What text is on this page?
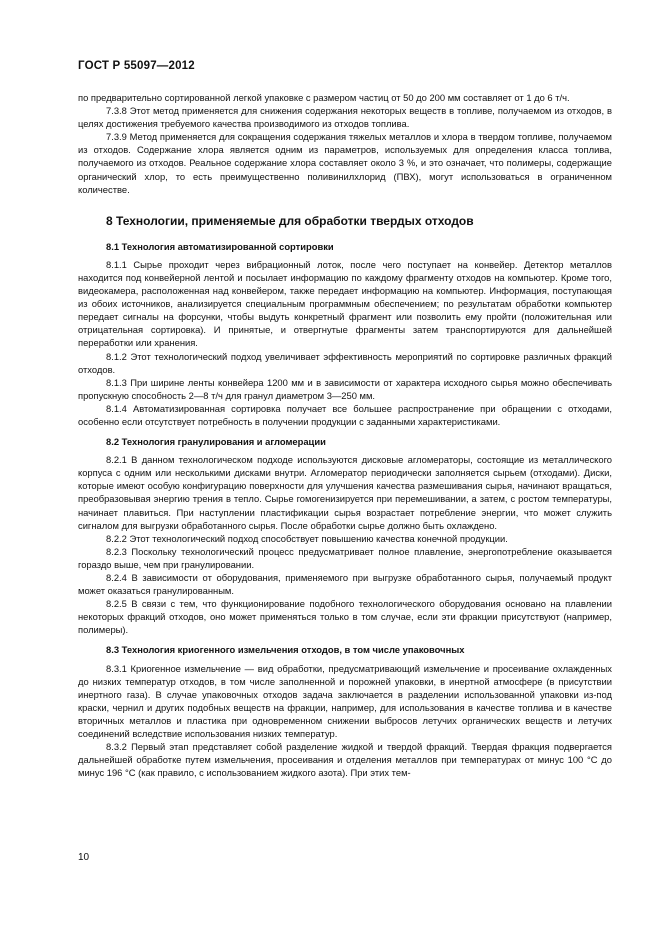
ГОСТ Р 55097—2012

по предварительно сортированной легкой упаковке с размером частиц от 50 до 200 мм составляет от 1 до 6 т/ч.

7.3.8 Этот метод применяется для снижения содержания некоторых веществ в топливе, получаемом из отходов, в целях достижения требуемого качества производимого из отходов топлива.

7.3.9 Метод применяется для сокращения содержания тяжелых металлов и хлора в твердом топливе, получаемом из отходов. Содержание хлора является одним из параметров, используемых для определения класса топлива, получаемого из отходов. Реальное содержание хлора составляет около 3 %, и это означает, что полимеры, содержащие органический хлор, то есть преимущественно поливинилхлорид (ПВХ), могут использоваться в ограниченном количестве.

8 Технологии, применяемые для обработки твердых отходов
8.1 Технология автоматизированной сортировки

8.1.1 Сырье проходит через вибрационный лоток, после чего поступает на конвейер. Детектор металлов находится под конвейерной лентой и посылает информацию по каждому фрагменту отходов на компьютер. Кроме того, видеокамера, расположенная над конвейером, также передает информацию на компьютер. Информация, поступающая из обоих источников, анализируется специальным программным обеспечением; по результатам обработки компьютер передает сигналы на форсунки, чтобы выдуть конкретный фрагмент или позволить ему пройти (положительная или отрицательная сортировка). И принятые, и отвергнутые фрагменты затем транспортируются для дальнейшей переработки или хранения.

8.1.2 Этот технологический подход увеличивает эффективность мероприятий по сортировке различных фракций отходов.

8.1.3 При ширине ленты конвейера 1200 мм и в зависимости от характера исходного сырья можно обеспечивать пропускную способность 2—8 т/ч для гранул диаметром 3—250 мм.

8.1.4 Автоматизированная сортировка получает все большее распространение при обращении с отходами, особенно если отсутствует потребность в получении продукции с заданными характеристиками.

8.2 Технология гранулирования и агломерации

8.2.1 В данном технологическом подходе используются дисковые агломераторы, состоящие из металлического корпуса с одним или несколькими дисками внутри. Агломератор периодически заполняется сырьем (отходами). Диски, которые имеют особую конфигурацию поверхности для улучшения качества размешивания сырья, начинают вращаться, преобразовывая энергию трения в тепло. Сырье гомогенизируется при перемешивании, а затем, с ростом температуры, начинает плавиться. При наступлении пластификации сырья возрастает потребление энергии, что может служить сигналом для выгрузки обработанного сырья. После обработки сырье должно быть охлаждено.

8.2.2 Этот технологический подход способствует повышению качества конечной продукции.

8.2.3 Поскольку технологический процесс предусматривает полное плавление, энергопотребление оказывается гораздо выше, чем при гранулировании.

8.2.4 В зависимости от оборудования, применяемого при выгрузке обработанного сырья, получаемый продукт может оказаться гранулированным.

8.2.5 В связи с тем, что функционирование подобного технологического оборудования основано на плавлении некоторых фракций отходов, оно может применяться только в том случае, если эти фракции присутствуют (например, полимеры).

8.3 Технология криогенного измельчения отходов, в том числе упаковочных

8.3.1 Криогенное измельчение — вид обработки, предусматривающий измельчение и просеивание охлажденных до низких температур отходов, в том числе заполненной и порожней упаковки, в инертной атмосфере (в присутствии инертного газа). В случае упаковочных отходов задача заключается в разделении использованной упаковки из-под краски, чернил и других подобных веществ на фракции, например, для использования в качестве топлива и в качестве вторичных металлов и пластика при одновременном снижении выбросов летучих органических веществ и летучих соединений вследствие использования низких температур.

8.3.2 Первый этап представляет собой разделение жидкой и твердой фракций. Твердая фракция подвергается дальнейшей обработке путем измельчения, просеивания и отделения металлов при температурах от минус 100 °С до минус 196 °С (как правило, с использованием жидкого азота). При этих тем-

10
